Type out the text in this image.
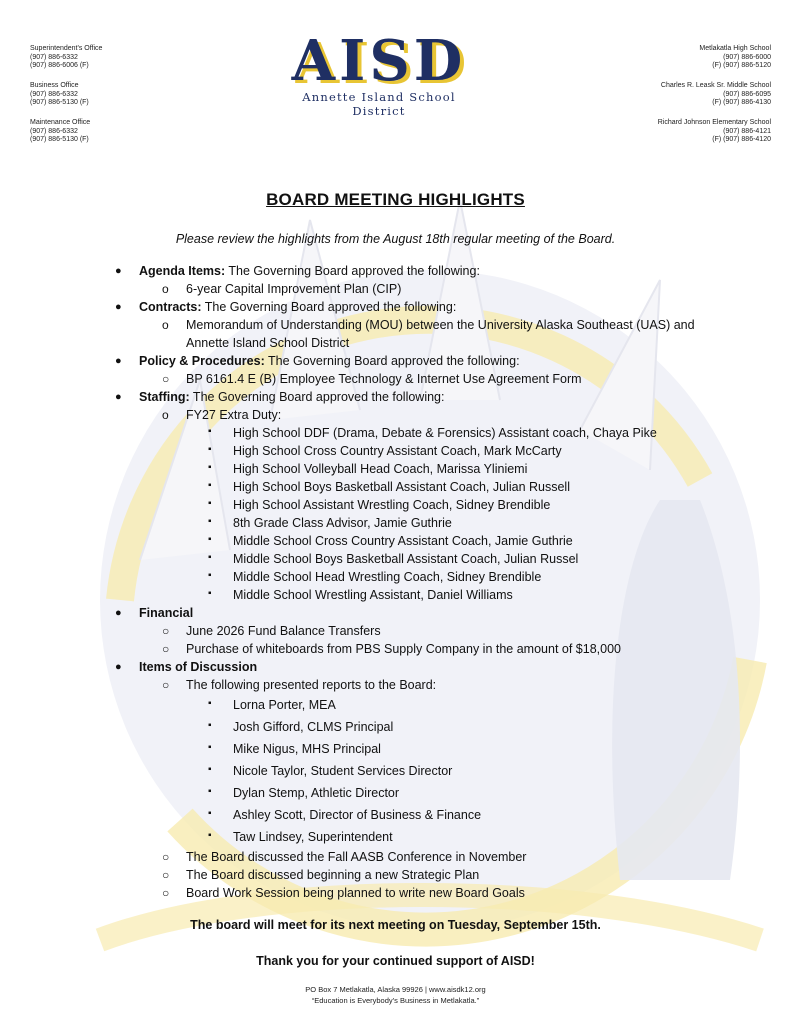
Superintendent's Office
(907) 886-6332
(907) 886-6006 (F)
Business Office
(907) 886-6332
(907) 886-5130 (F)
Maintenance Office
(907) 886-6332
(907) 886-5130 (F)
AISD
Annette Island School District
Metlakatla High School
(907) 886-6000
(F) (907) 886-5120
Charles R. Leask Sr. Middle School
(907) 886-6095
(F) (907) 886-4130
Richard Johnson Elementary School
(907) 886-4121
(F) (907) 886-4120
BOARD MEETING HIGHLIGHTS
Please review the highlights from the August 18th regular meeting of the Board.
● Agenda Items: The Governing Board approved the following:
o 6-year Capital Improvement Plan (CIP)
● Contracts: The Governing Board approved the following:
o Memorandum of Understanding (MOU) between the University Alaska Southeast (UAS) and
Annette Island School District
● Policy & Procedures: The Governing Board approved the following:
○ BP 6161.4 E (B) Employee Technology & Internet Use Agreement Form
● Staffing: The Governing Board approved the following:
o FY27 Extra Duty:
▪ High School DDF (Drama, Debate & Forensics) Assistant coach, Chaya Pike
▪ High School Cross Country Assistant Coach, Mark McCarty
▪ High School Volleyball Head Coach, Marissa Yliniemi
▪ High School Boys Basketball Assistant Coach, Julian Russell
▪ High School Assistant Wrestling Coach, Sidney Brendible
▪ 8th Grade Class Advisor, Jamie Guthrie
▪ Middle School Cross Country Assistant Coach, Jamie Guthrie
▪ Middle School Boys Basketball Assistant Coach, Julian Russel
▪ Middle School Head Wrestling Coach, Sidney Brendible
▪ Middle School Wrestling Assistant, Daniel Williams
● Financial
○ June 2026 Fund Balance Transfers
○ Purchase of whiteboards from PBS Supply Company in the amount of $18,000
● Items of Discussion
○ The following presented reports to the Board:
▪ Lorna Porter, MEA
▪ Josh Gifford, CLMS Principal
▪ Mike Nigus, MHS Principal
▪ Nicole Taylor, Student Services Director
▪ Dylan Stemp, Athletic Director
▪ Ashley Scott, Director of Business & Finance
▪ Taw Lindsey, Superintendent
○ The Board discussed the Fall AASB Conference in November
○ The Board discussed beginning a new Strategic Plan
○ Board Work Session being planned to write new Board Goals
The board will meet for its next meeting on Tuesday, September 15th.
Thank you for your continued support of AISD!
PO Box 7 Metlakatla, Alaska 99926 | www.aisdk12.org
“Education is Everybody’s Business in Metlakatla.”
